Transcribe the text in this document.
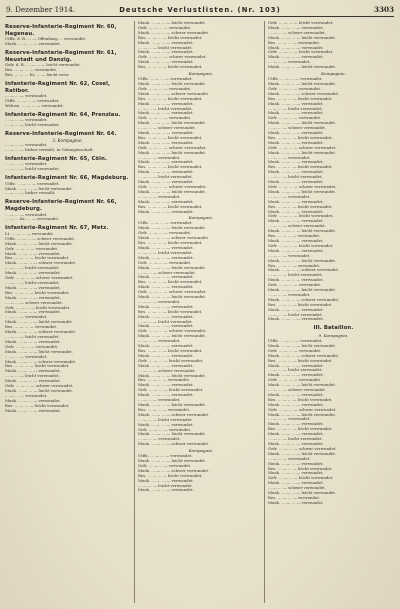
9. Dezember 1914.	Deutsche Verlustlisten. (Nr. 103)	3303
Reserve-Infanterie-Regiment Nr. 60, Hagenau.
Utffz. d. R. ... — Offenburg ... verwundet.
Musk. ... — ... — verwundet.
Reserve-Infanterie-Regiment Nr. 61, Neustadt und Danzig.
Gefr. d. R. ... — ... — leicht verwundet.
Res. ... — ... — verwundet.
Res. ... — ... Kr. ... — leicht verw.
Infanterie-Regiment Nr. 62, Cosel, Ratibor.
... — ... — verwundet.
Utffz. ... — ... — verwundet.
Wehrm. ... — ... — verwundet.
Infanterie-Regiment Nr. 64, Prenzlau.
... — ... — verwundet.
... — ... — leicht verwundet.
Reserve-Infanterie-Regiment Nr. 64.
3. Kompagnie.
... — ... — verwundet.
... — ... — bisher vermißt, in Gefangenschaft.
Infanterie-Regiment Nr. 65, Cöln.
... — ... — verwundet.
... — ... — leicht verwundet.
Infanterie-Regiment Nr. 66, Magdeburg.
Utffz. ... — ... — verwundet.
Musk. ... — ... — leicht verwundet.
... — ... — bisher vermißt.
Reserve-Infanterie-Regiment Nr. 66, Magdeburg.
... — ... — verwundet.
... — ... Kr. ... — verwundet.
Infanterie-Regiment Nr. 67, Metz.
Lt. ... — ... — verwundet.
Utffz. ... — ... — schwer verwundet.
Musk. ... — ... — leicht verwundet.
Gefr. ... — ... — verwundet.
Musk. ... — ... — verwundet.
Res. ... — ... — leicht verwundet.
Musk. ... — ... — schwer verwundet.
... — ... — leicht verwundet.
Musk. ... — ... — verwundet.
Gefr. ... — ... — schwer verwundet.
... — ... — leicht verwundet.
Musk. ... — ... — verwundet.
Res. ... — ... — leicht verwundet.
Musk. ... — ... — verwundet.
... — ... — schwer verwundet.
Gefr. ... — ... — leicht verwundet.
Musk. ... — ... — verwundet.
... — ... — verwundet.
Musk. ... — ... — leicht verwundet.
Res. ... — ... — verwundet.
Musk. ... — ... — schwer verwundet.
... — ... — leicht verwundet.
Musk. ... — ... — verwundet.
Gefr. ... — ... — verwundet.
Musk. ... — ... — leicht verwundet.
... — ... — verwundet.
Musk. ... — ... — schwer verwundet.
Res. ... — ... — leicht verwundet.
Musk. ... — ... — verwundet.
... — ... — leicht verwundet.
Musk. ... — ... — verwundet.
Gefr. ... — ... — schwer verwundet.
Musk. ... — ... — leicht verwundet.
... — ... — verwundet.
Musk. ... — ... — verwundet.
Res. ... — ... — leicht verwundet.
Musk. ... — ... — verwundet.
Musk. ... — ... — leicht verwundet.
Gefr. ... — ... — verwundet.
Musk. ... — ... — schwer verwundet.
Res. ... — ... — leicht verwundet.
Musk. ... — ... — verwundet.
... — ... — leicht verwundet.
Musk. ... — ... — verwundet.
Gefr. ... — ... — schwer verwundet.
Musk. ... — ... — verwundet.
Res. ... — ... — leicht verwundet.
Kompagnie.
Utffz. ... — ... — verwundet.
Musk. ... — ... — leicht verwundet.
Gefr. ... — ... — verwundet.
Musk. ... — ... — schwer verwundet.
Res. ... — ... — leicht verwundet.
Musk. ... — ... — verwundet.
... — ... — leicht verwundet.
Musk. ... — ... — verwundet.
Gefr. ... — ... — verwundet.
Musk. ... — ... — leicht verwundet.
... — ... — schwer verwundet.
Musk. ... — ... — verwundet.
Res. ... — ... — leicht verwundet.
Musk. ... — ... — verwundet.
Gefr. ... — ... — schwer verwundet.
Musk. ... — ... — leicht verwundet.
... — ... — verwundet.
Musk. ... — ... — verwundet.
Res. ... — ... — leicht verwundet.
Musk. ... — ... — verwundet.
... — ... — leicht verwundet.
Musk. ... — ... — verwundet.
Gefr. ... — ... — schwer verwundet.
Musk. ... — ... — leicht verwundet.
... — ... — verwundet.
Musk. ... — ... — verwundet.
Res. ... — ... — leicht verwundet.
Musk. ... — ... — verwundet.
Kompagnie.
Utffz. ... — ... — verwundet.
Musk. ... — ... — leicht verwundet.
Gefr. ... — ... — verwundet.
Musk. ... — ... — schwer verwundet.
Res. ... — ... — leicht verwundet.
Musk. ... — ... — verwundet.
... — ... — leicht verwundet.
Musk. ... — ... — verwundet.
Gefr. ... — ... — verwundet.
Musk. ... — ... — leicht verwundet.
... — ... — schwer verwundet.
Musk. ... — ... — verwundet.
Res. ... — ... — leicht verwundet.
Musk. ... — ... — verwundet.
Gefr. ... — ... — schwer verwundet.
Musk. ... — ... — leicht verwundet.
... — ... — verwundet.
Musk. ... — ... — verwundet.
Res. ... — ... — leicht verwundet.
Musk. ... — ... — verwundet.
... — ... — leicht verwundet.
Musk. ... — ... — verwundet.
Gefr. ... — ... — schwer verwundet.
Musk. ... — ... — leicht verwundet.
... — ... — verwundet.
Musk. ... — ... — verwundet.
Res. ... — ... — leicht verwundet.
Musk. ... — ... — verwundet.
Gefr. ... — ... — leicht verwundet.
Musk. ... — ... — verwundet.
... — ... — schwer verwundet.
Musk. ... — ... — leicht verwundet.
Res. ... — ... — verwundet.
Musk. ... — ... — verwundet.
Gefr. ... — ... — leicht verwundet.
Musk. ... — ... — verwundet.
... — ... — verwundet.
Musk. ... — ... — leicht verwundet.
Res. ... — ... — verwundet.
Musk. ... — ... — schwer verwundet.
... — ... — leicht verwundet.
Musk. ... — ... — verwundet.
Gefr. ... — ... — verwundet.
Musk. ... — ... — leicht verwundet.
... — ... — verwundet.
Musk. ... — ... — schwer verwundet.
Kompagnie.
Utffz. ... — ... — verwundet.
Musk. ... — ... — leicht verwundet.
Gefr. ... — ... — verwundet.
Musk. ... — ... — schwer verwundet.
Res. ... — ... — leicht verwundet.
Musk. ... — ... — verwundet.
... — ... — leicht verwundet.
Musk. ... — ... — verwundet.
Gefr. ... — ... — leicht verwundet.
Musk. ... — ... — verwundet.
... — ... — schwer verwundet.
Musk. ... — ... — leicht verwundet.
Res. ... — ... — verwundet.
Musk. ... — ... — verwundet.
Gefr. ... — ... — leicht verwundet.
Musk. ... — ... — verwundet.
... — ... — verwundet.
Musk. ... — ... — leicht verwundet.
Kompagnie.
Utffz. ... — ... — verwundet.
Musk. ... — ... — leicht verwundet.
Gefr. ... — ... — verwundet.
Musk. ... — ... — schwer verwundet.
Res. ... — ... — leicht verwundet.
Musk. ... — ... — verwundet.
... — ... — leicht verwundet.
Musk. ... — ... — verwundet.
Gefr. ... — ... — verwundet.
Musk. ... — ... — leicht verwundet.
... — ... — schwer verwundet.
Musk. ... — ... — verwundet.
Res. ... — ... — leicht verwundet.
Musk. ... — ... — verwundet.
Gefr. ... — ... — schwer verwundet.
Musk. ... — ... — leicht verwundet.
... — ... — verwundet.
Musk. ... — ... — verwundet.
Res. ... — ... — leicht verwundet.
Musk. ... — ... — verwundet.
... — ... — leicht verwundet.
Musk. ... — ... — verwundet.
Gefr. ... — ... — schwer verwundet.
Musk. ... — ... — leicht verwundet.
... — ... — verwundet.
Musk. ... — ... — verwundet.
Res. ... — ... — leicht verwundet.
Musk. ... — ... — verwundet.
Gefr. ... — ... — leicht verwundet.
Musk. ... — ... — verwundet.
... — ... — schwer verwundet.
Musk. ... — ... — leicht verwundet.
Res. ... — ... — verwundet.
Musk. ... — ... — verwundet.
Gefr. ... — ... — leicht verwundet.
Musk. ... — ... — verwundet.
... — ... — verwundet.
Musk. ... — ... — leicht verwundet.
Res. ... — ... — verwundet.
Musk. ... — ... — schwer verwundet.
... — ... — leicht verwundet.
Musk. ... — ... — verwundet.
Gefr. ... — ... — verwundet.
Musk. ... — ... — leicht verwundet.
... — ... — verwundet.
Musk. ... — ... — schwer verwundet.
Res. ... — ... — leicht verwundet.
Musk. ... — ... — verwundet.
... — ... — leicht verwundet.
Musk. ... — ... — verwundet.
III. Bataillon.
9. Kompagnie.
Utffz. ... — ... — verwundet.
Musk. ... — ... — leicht verwundet.
Gefr. ... — ... — verwundet.
Musk. ... — ... — schwer verwundet.
Res. ... — ... — leicht verwundet.
Musk. ... — ... — verwundet.
... — ... — leicht verwundet.
Musk. ... — ... — verwundet.
Gefr. ... — ... — verwundet.
Musk. ... — ... — leicht verwundet.
... — ... — schwer verwundet.
Musk. ... — ... — verwundet.
Res. ... — ... — leicht verwundet.
Musk. ... — ... — verwundet.
Gefr. ... — ... — schwer verwundet.
Musk. ... — ... — leicht verwundet.
... — ... — verwundet.
Musk. ... — ... — verwundet.
Res. ... — ... — leicht verwundet.
Musk. ... — ... — verwundet.
... — ... — leicht verwundet.
Musk. ... — ... — verwundet.
Gefr. ... — ... — schwer verwundet.
Musk. ... — ... — leicht verwundet.
... — ... — verwundet.
Musk. ... — ... — verwundet.
Res. ... — ... — leicht verwundet.
Musk. ... — ... — verwundet.
Gefr. ... — ... — leicht verwundet.
Musk. ... — ... — verwundet.
... — ... — schwer verwundet.
Musk. ... — ... — leicht verwundet.
Res. ... — ... — verwundet.
Musk. ... — ... — verwundet.
